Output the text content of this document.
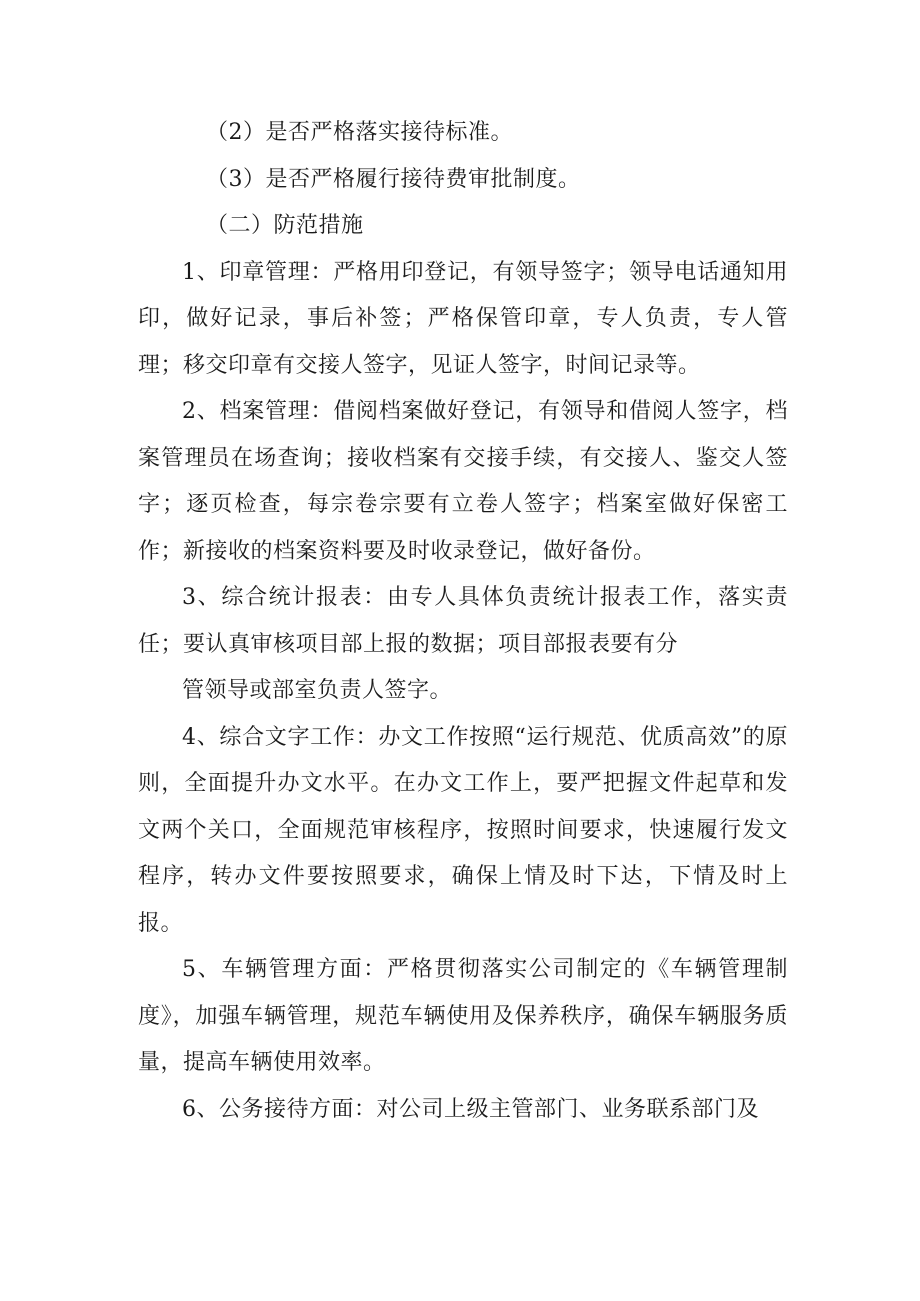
（2）是否严格落实接待标准。

（3）是否严格履行接待费审批制度。

（二）防范措施

1、印章管理：严格用印登记，有领导签字；领导电话通知用印，做好记录，事后补签；严格保管印章，专人负责，专人管理；移交印章有交接人签字，见证人签字，时间记录等。

2、档案管理：借阅档案做好登记，有领导和借阅人签字，档案管理员在场查询；接收档案有交接手续，有交接人、鉴交人签字；逐页检查，每宗卷宗要有立卷人签字；档案室做好保密工作；新接收的档案资料要及时收录登记，做好备份。

3、综合统计报表：由专人具体负责统计报表工作，落实责任；要认真审核项目部上报的数据；项目部报表要有分

管领导或部室负责人签字。

4、综合文字工作：办文工作按照“运行规范、优质高效”的原则，全面提升办文水平。在办文工作上，要严把握文件起草和发文两个关口，全面规范审核程序，按照时间要求，快速履行发文程序，转办文件要按照要求，确保上情及时下达，下情及时上报。

5、车辆管理方面：严格贯彻落实公司制定的《车辆管理制度》，加强车辆管理，规范车辆使用及保养秩序，确保车辆服务质量，提高车辆使用效率。

6、公务接待方面：对公司上级主管部门、业务联系部门及
